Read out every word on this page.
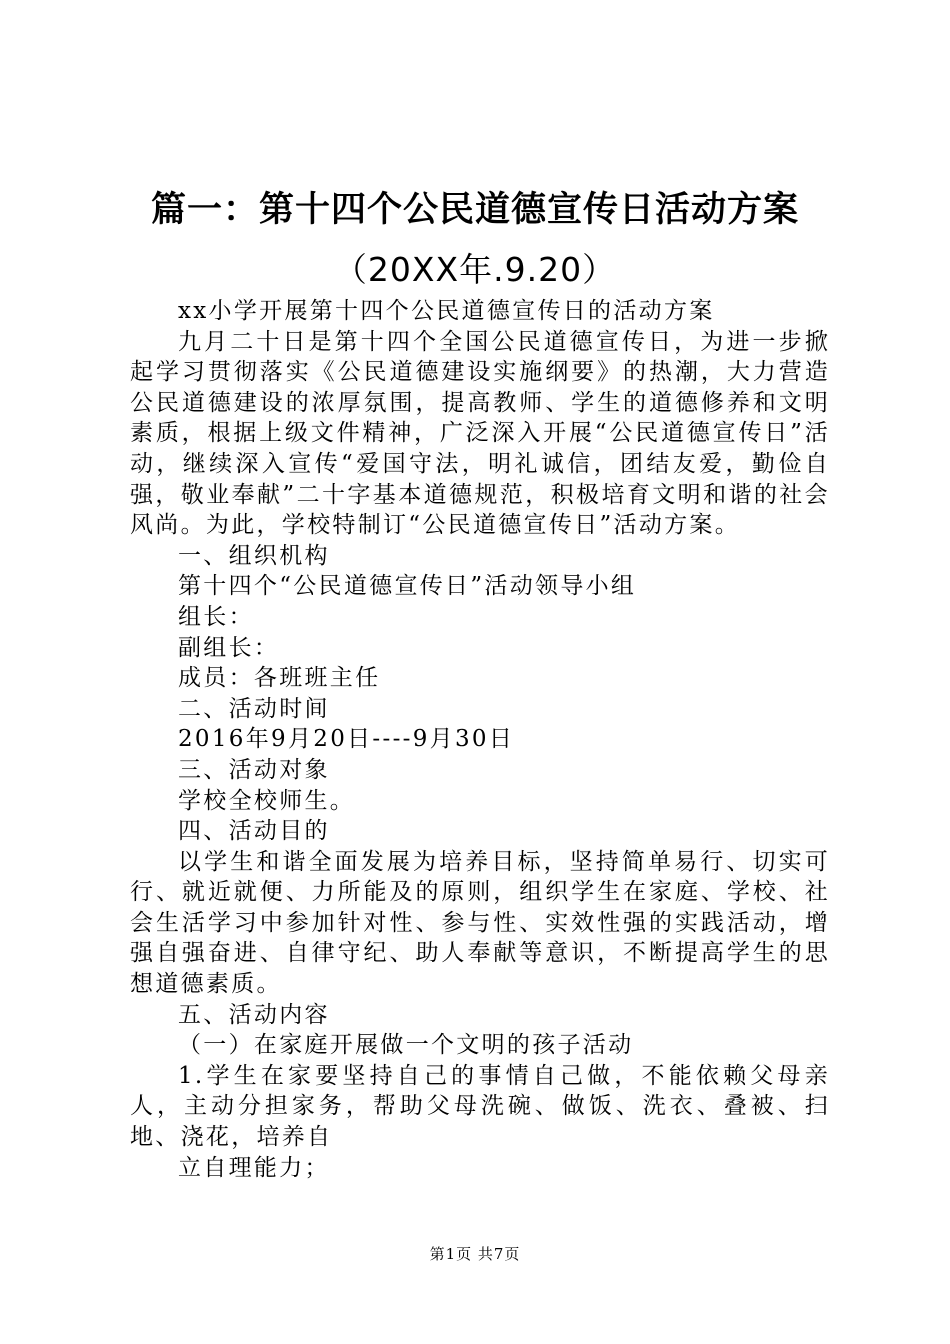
篇一：第十四个公民道德宣传日活动方案
（20XX年.9.20）

xx小学开展第十四个公民道德宣传日的活动方案

九月二十日是第十四个全国公民道德宣传日，为进一步掀起学习贯彻落实《公民道德建设实施纲要》的热潮，大力营造公民道德建设的浓厚氛围，提高教师、学生的道德修养和文明素质，根据上级文件精神，广泛深入开展“公民道德宣传日”活动，继续深入宣传“爱国守法，明礼诚信，团结友爱，勤俭自强，敬业奉献”二十字基本道德规范，积极培育文明和谐的社会风尚。为此，学校特制订“公民道德宣传日”活动方案。

一、组织机构

第十四个“公民道德宣传日”活动领导小组

组长：

副组长：

成员：各班班主任

二、活动时间

2016年9月20日----9月30日

三、活动对象

学校全校师生。

四、活动目的

以学生和谐全面发展为培养目标，坚持简单易行、切实可行、就近就便、力所能及的原则，组织学生在家庭、学校、社会生活学习中参加针对性、参与性、实效性强的实践活动，增强自强奋进、自律守纪、助人奉献等意识，不断提高学生的思想道德素质。

五、活动内容

（一）在家庭开展做一个文明的孩子活动

1.学生在家要坚持自己的事情自己做，不能依赖父母亲人，主动分担家务，帮助父母洗碗、做饭、洗衣、叠被、扫地、浇花，培养自

立自理能力；

第1页 共7页
